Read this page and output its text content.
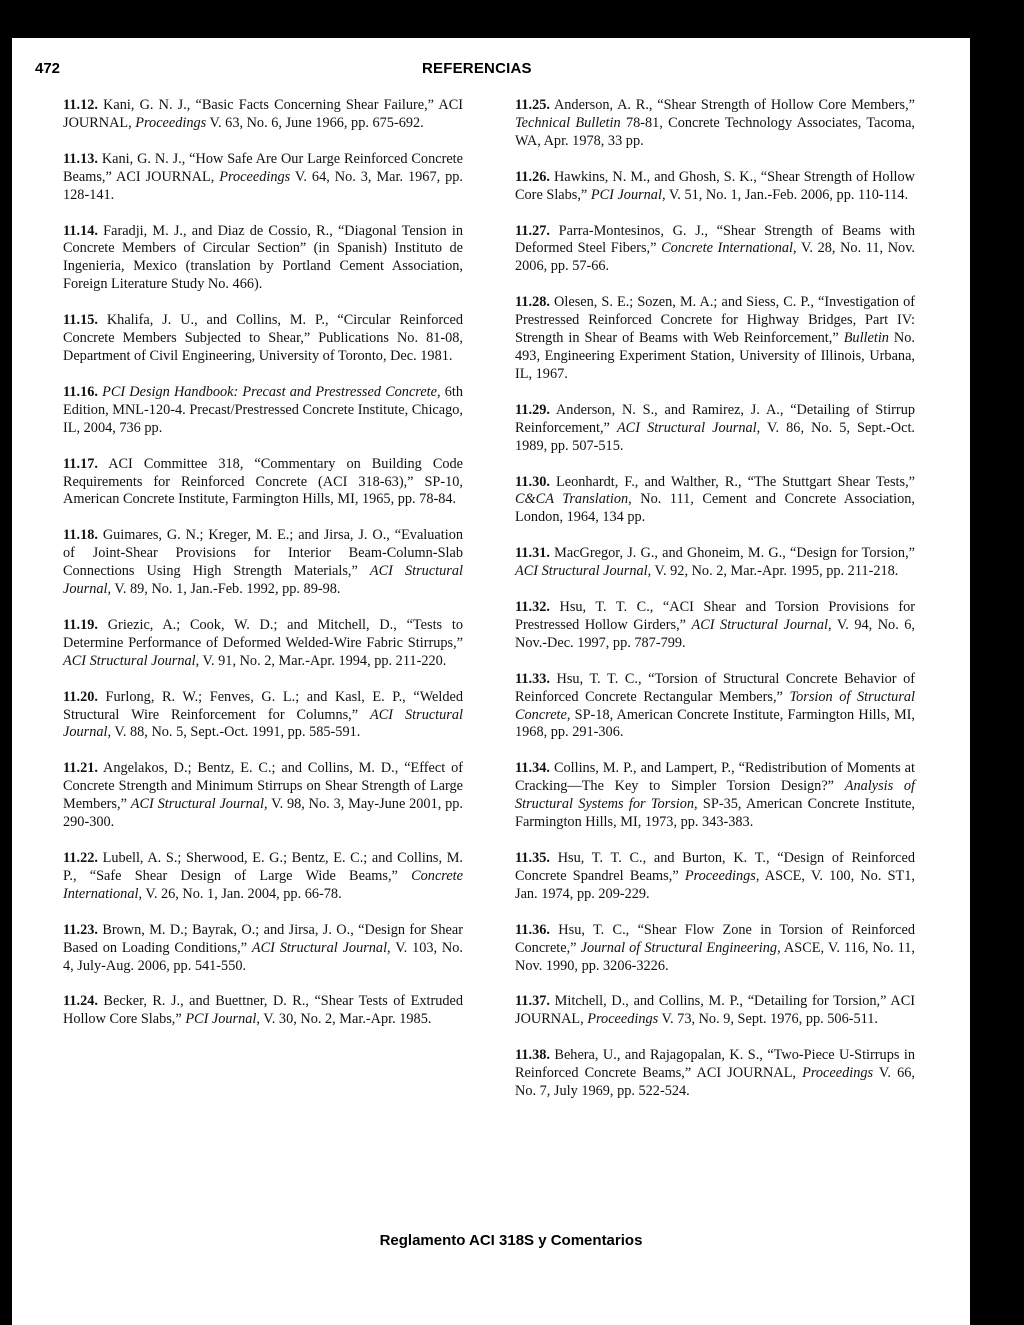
472	REFERENCIAS

11.12. Kani, G. N. J., “Basic Facts Concerning Shear Failure,” ACI JOURNAL, Proceedings V. 63, No. 6, June 1966, pp. 675-692.

11.13. Kani, G. N. J., “How Safe Are Our Large Reinforced Concrete Beams,” ACI JOURNAL, Proceedings V. 64, No. 3, Mar. 1967, pp. 128-141.

11.14. Faradji, M. J., and Diaz de Cossio, R., “Diagonal Tension in Concrete Members of Circular Section” (in Spanish) Instituto de Ingenieria, Mexico (translation by Portland Cement Association, Foreign Literature Study No. 466).

11.15. Khalifa, J. U., and Collins, M. P., “Circular Reinforced Concrete Members Subjected to Shear,” Publications No. 81-08, Department of Civil Engineering, University of Toronto, Dec. 1981.

11.16. PCI Design Handbook: Precast and Prestressed Concrete, 6th Edition, MNL-120-4. Precast/Prestressed Concrete Institute, Chicago, IL, 2004, 736 pp.

11.17. ACI Committee 318, “Commentary on Building Code Requirements for Reinforced Concrete (ACI 318-63),” SP-10, American Concrete Institute, Farmington Hills, MI, 1965, pp. 78-84.

11.18. Guimares, G. N.; Kreger, M. E.; and Jirsa, J. O., “Evaluation of Joint-Shear Provisions for Interior Beam-Column-Slab Connections Using High Strength Materials,” ACI Structural Journal, V. 89, No. 1, Jan.-Feb. 1992, pp. 89-98.

11.19. Griezic, A.; Cook, W. D.; and Mitchell, D., “Tests to Determine Performance of Deformed Welded-Wire Fabric Stirrups,” ACI Structural Journal, V. 91, No. 2, Mar.-Apr. 1994, pp. 211-220.

11.20. Furlong, R. W.; Fenves, G. L.; and Kasl, E. P., “Welded Structural Wire Reinforcement for Columns,” ACI Structural Journal, V. 88, No. 5, Sept.-Oct. 1991, pp. 585-591.

11.21. Angelakos, D.; Bentz, E. C.; and Collins, M. D., “Effect of Concrete Strength and Minimum Stirrups on Shear Strength of Large Members,” ACI Structural Journal, V. 98, No. 3, May-June 2001, pp. 290-300.

11.22. Lubell, A. S.; Sherwood, E. G.; Bentz, E. C.; and Collins, M. P., “Safe Shear Design of Large Wide Beams,” Concrete International, V. 26, No. 1, Jan. 2004, pp. 66-78.

11.23. Brown, M. D.; Bayrak, O.; and Jirsa, J. O., “Design for Shear Based on Loading Conditions,” ACI Structural Journal, V. 103, No. 4, July-Aug. 2006, pp. 541-550.

11.24. Becker, R. J., and Buettner, D. R., “Shear Tests of Extruded Hollow Core Slabs,” PCI Journal, V. 30, No. 2, Mar.-Apr. 1985.

11.25. Anderson, A. R., “Shear Strength of Hollow Core Members,” Technical Bulletin 78-81, Concrete Technology Associates, Tacoma, WA, Apr. 1978, 33 pp.

11.26. Hawkins, N. M., and Ghosh, S. K., “Shear Strength of Hollow Core Slabs,” PCI Journal, V. 51, No. 1, Jan.-Feb. 2006, pp. 110-114.

11.27. Parra-Montesinos, G. J., “Shear Strength of Beams with Deformed Steel Fibers,” Concrete International, V. 28, No. 11, Nov. 2006, pp. 57-66.

11.28. Olesen, S. E.; Sozen, M. A.; and Siess, C. P., “Investigation of Prestressed Reinforced Concrete for Highway Bridges, Part IV: Strength in Shear of Beams with Web Reinforcement,” Bulletin No. 493, Engineering Experiment Station, University of Illinois, Urbana, IL, 1967.

11.29. Anderson, N. S., and Ramirez, J. A., “Detailing of Stirrup Reinforcement,” ACI Structural Journal, V. 86, No. 5, Sept.-Oct. 1989, pp. 507-515.

11.30. Leonhardt, F., and Walther, R., “The Stuttgart Shear Tests,” C&CA Translation, No. 111, Cement and Concrete Association, London, 1964, 134 pp.

11.31. MacGregor, J. G., and Ghoneim, M. G., “Design for Torsion,” ACI Structural Journal, V. 92, No. 2, Mar.-Apr. 1995, pp. 211-218.

11.32. Hsu, T. T. C., “ACI Shear and Torsion Provisions for Prestressed Hollow Girders,” ACI Structural Journal, V. 94, No. 6, Nov.-Dec. 1997, pp. 787-799.

11.33. Hsu, T. T. C., “Torsion of Structural Concrete Behavior of Reinforced Concrete Rectangular Members,” Torsion of Structural Concrete, SP-18, American Concrete Institute, Farmington Hills, MI, 1968, pp. 291-306.

11.34. Collins, M. P., and Lampert, P., “Redistribution of Moments at Cracking—The Key to Simpler Torsion Design?” Analysis of Structural Systems for Torsion, SP-35, American Concrete Institute, Farmington Hills, MI, 1973, pp. 343-383.

11.35. Hsu, T. T. C., and Burton, K. T., “Design of Reinforced Concrete Spandrel Beams,” Proceedings, ASCE, V. 100, No. ST1, Jan. 1974, pp. 209-229.

11.36. Hsu, T. C., “Shear Flow Zone in Torsion of Reinforced Concrete,” Journal of Structural Engineering, ASCE, V. 116, No. 11, Nov. 1990, pp. 3206-3226.

11.37. Mitchell, D., and Collins, M. P., “Detailing for Torsion,” ACI JOURNAL, Proceedings V. 73, No. 9, Sept. 1976, pp. 506-511.

11.38. Behera, U., and Rajagopalan, K. S., “Two-Piece U-Stirrups in Reinforced Concrete Beams,” ACI JOURNAL, Proceedings V. 66, No. 7, July 1969, pp. 522-524.

Reglamento ACI 318S y Comentarios
